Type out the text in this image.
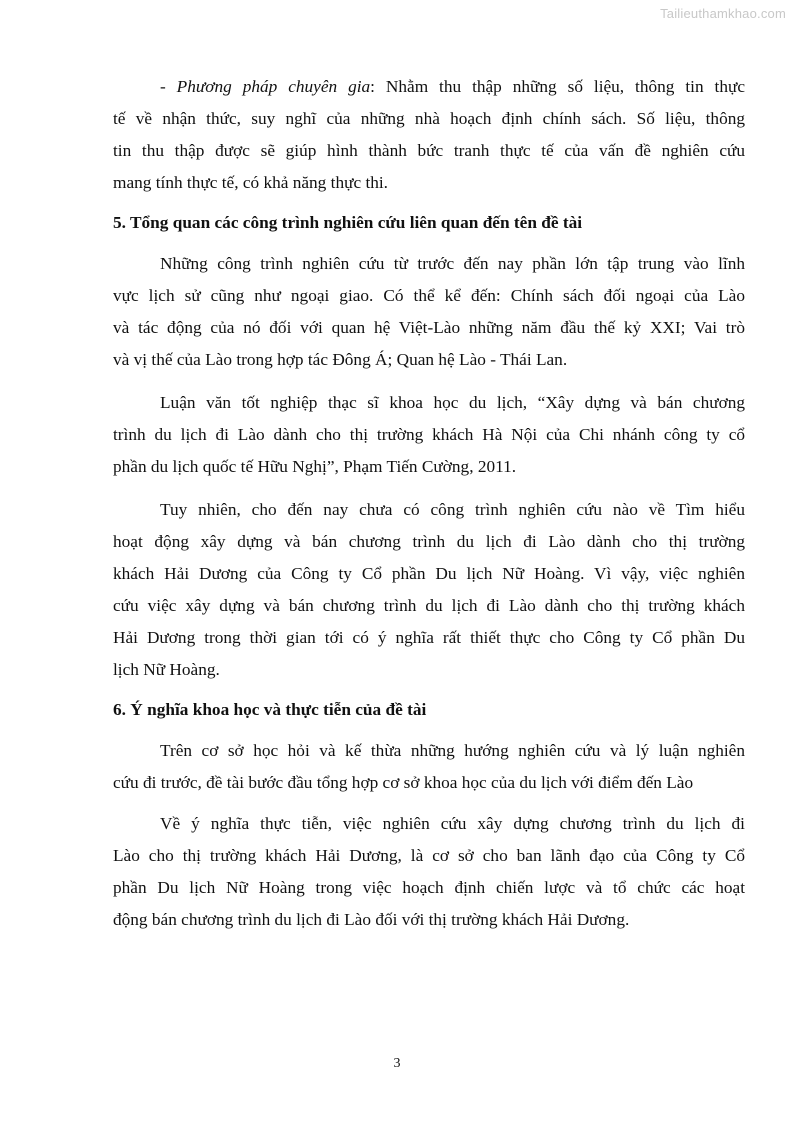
Tailieuthamkhao.com
- Phương pháp chuyên gia: Nhằm thu thập những số liệu, thông tin thực
tế về nhận thức, suy nghĩ của những nhà hoạch định chính sách. Số liệu, thông
tin thu thập được sẽ giúp hình thành bức tranh thực tế của vấn đề nghiên cứu
mang tính thực tế, có khả năng thực thi.
5. Tổng quan các công trình nghiên cứu liên quan đến tên đề tài
Những công trình nghiên cứu từ trước đến nay phần lớn tập trung vào lĩnh
vực lịch sử cũng như ngoại giao. Có thể kể đến: Chính sách đối ngoại của Lào
và tác động của nó đối với quan hệ Việt-Lào những năm đầu thế kỷ XXI; Vai trò
và vị thế của Lào trong hợp tác Đông Á; Quan hệ Lào - Thái Lan.
Luận văn tốt nghiệp thạc sĩ khoa học du lịch, “Xây dựng và bán chương
trình du lịch đi Lào dành cho thị trường khách Hà Nội của Chi nhánh công ty cổ
phần du lịch quốc tế Hữu Nghị”, Phạm Tiến Cường, 2011.
Tuy nhiên, cho đến nay chưa có công trình nghiên cứu nào về Tìm hiểu
hoạt động xây dựng và bán chương trình du lịch đi Lào dành cho thị trường
khách Hải Dương của Công ty Cổ phần Du lịch Nữ Hoàng. Vì vậy, việc nghiên
cứu việc xây dựng và bán chương trình du lịch đi Lào dành cho thị trường khách
Hải Dương trong thời gian tới có ý nghĩa rất thiết thực cho Công ty Cổ phần Du
lịch Nữ Hoàng.
6. Ý nghĩa khoa học và thực tiễn của đề tài
Trên cơ sở học hỏi và kế thừa những hướng nghiên cứu và lý luận nghiên
cứu đi trước, đề tài bước đầu tổng hợp cơ sở khoa học của du lịch với điểm đến Lào
Về ý nghĩa thực tiễn, việc nghiên cứu xây dựng chương trình du lịch đi
Lào cho thị trường khách Hải Dương, là cơ sở cho ban lãnh đạo của Công ty Cổ
phần Du lịch Nữ Hoàng trong việc hoạch định chiến lược và tổ chức các hoạt
động bán chương trình du lịch đi Lào đối với thị trường khách Hải Dương.
3
